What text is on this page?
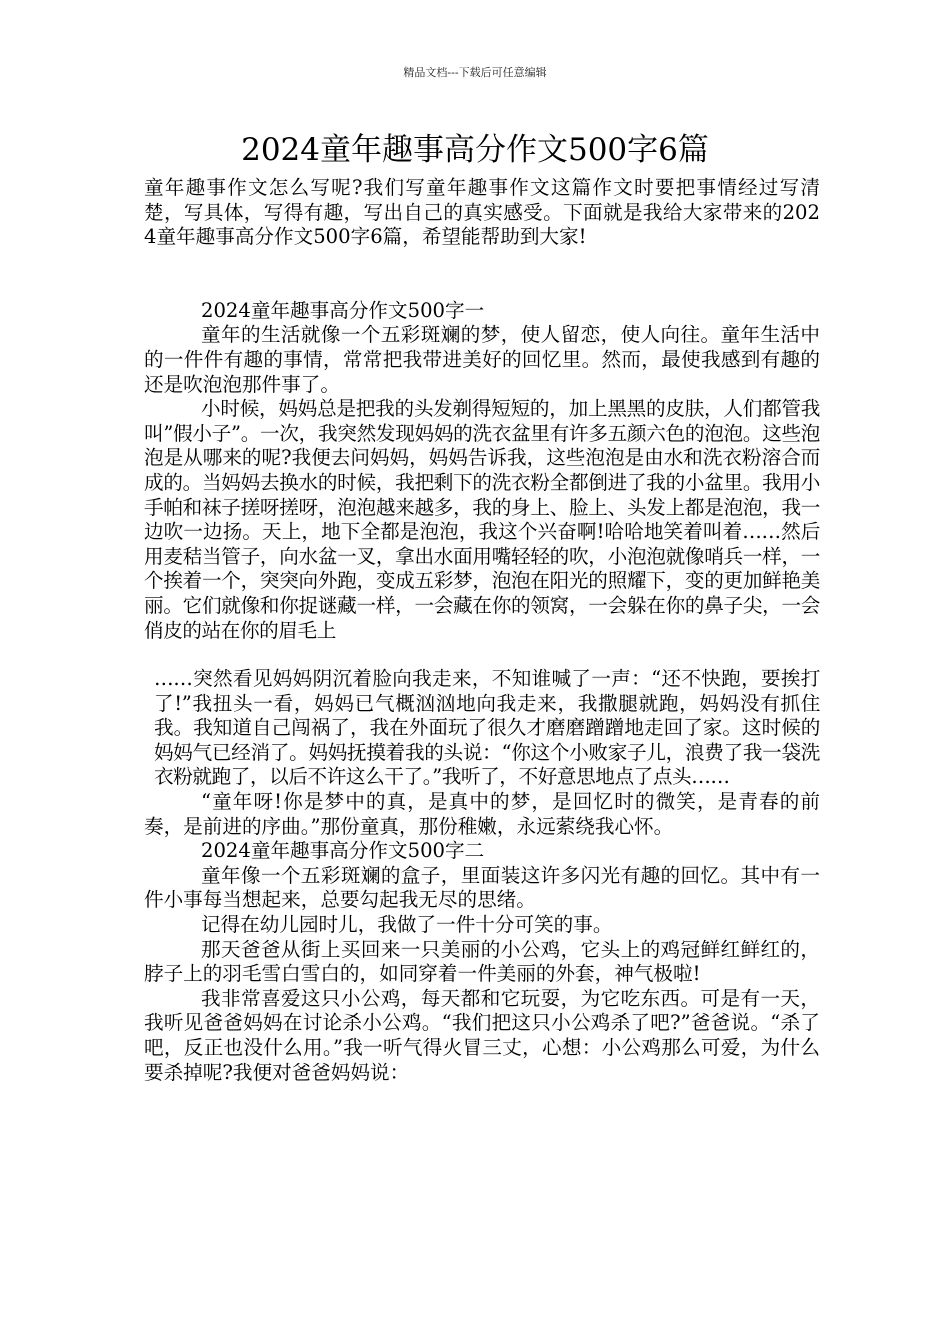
精品文档---下载后可任意编辑
2024童年趣事高分作文500字6篇

童年趣事作文怎么写呢?我们写童年趣事作文这篇作文时要把事情经过写清楚，写具体，写得有趣，写出自己的真实感受。下面就是我给大家带来的2024童年趣事高分作文500字6篇，希望能帮助到大家!

2024童年趣事高分作文500字一

童年的生活就像一个五彩斑斓的梦，使人留恋，使人向往。童年生活中的一件件有趣的事情，常常把我带进美好的回忆里。然而，最使我感到有趣的还是吹泡泡那件事了。

小时候，妈妈总是把我的头发剃得短短的，加上黑黑的皮肤，人们都管我叫”假小子”。一次，我突然发现妈妈的洗衣盆里有许多五颜六色的泡泡。这些泡泡是从哪来的呢?我便去问妈妈，妈妈告诉我，这些泡泡是由水和洗衣粉溶合而成的。当妈妈去换水的时候，我把剩下的洗衣粉全都倒进了我的小盆里。我用小手帕和袜子搓呀搓呀，泡泡越来越多，我的身上、脸上、头发上都是泡泡，我一边吹一边扬。天上，地下全都是泡泡，我这个兴奋啊!哈哈地笑着叫着……然后用麦秸当管子，向水盆一叉，拿出水面用嘴轻轻的吹，小泡泡就像哨兵一样，一个挨着一个，突突向外跑，变成五彩梦，泡泡在阳光的照耀下，变的更加鲜艳美丽。它们就像和你捉谜藏一样，一会藏在你的领窝，一会躲在你的鼻子尖，一会俏皮的站在你的眉毛上

……突然看见妈妈阴沉着脸向我走来，不知谁喊了一声：“还不快跑，要挨打了!”我扭头一看，妈妈已气概汹汹地向我走来，我撒腿就跑，妈妈没有抓住我。我知道自己闯祸了，我在外面玩了很久才磨磨蹭蹭地走回了家。这时候的妈妈气已经消了。妈妈抚摸着我的头说：“你这个小败家子儿，浪费了我一袋洗衣粉就跑了，以后不许这么干了。”我听了，不好意思地点了点头……

“童年呀!你是梦中的真，是真中的梦，是回忆时的微笑，是青春的前奏，是前进的序曲。”那份童真，那份稚嫩，永远萦绕我心怀。

2024童年趣事高分作文500字二

童年像一个五彩斑斓的盒子，里面装这许多闪光有趣的回忆。其中有一件小事每当想起来，总要勾起我无尽的思绪。

记得在幼儿园时儿，我做了一件十分可笑的事。

那天爸爸从街上买回来一只美丽的小公鸡，它头上的鸡冠鲜红鲜红的，脖子上的羽毛雪白雪白的，如同穿着一件美丽的外套，神气极啦!

我非常喜爱这只小公鸡，每天都和它玩耍，为它吃东西。可是有一天，我听见爸爸妈妈在讨论杀小公鸡。“我们把这只小公鸡杀了吧?”爸爸说。“杀了吧，反正也没什么用。”我一听气得火冒三丈，心想：小公鸡那么可爱，为什么要杀掉呢?我便对爸爸妈妈说：
